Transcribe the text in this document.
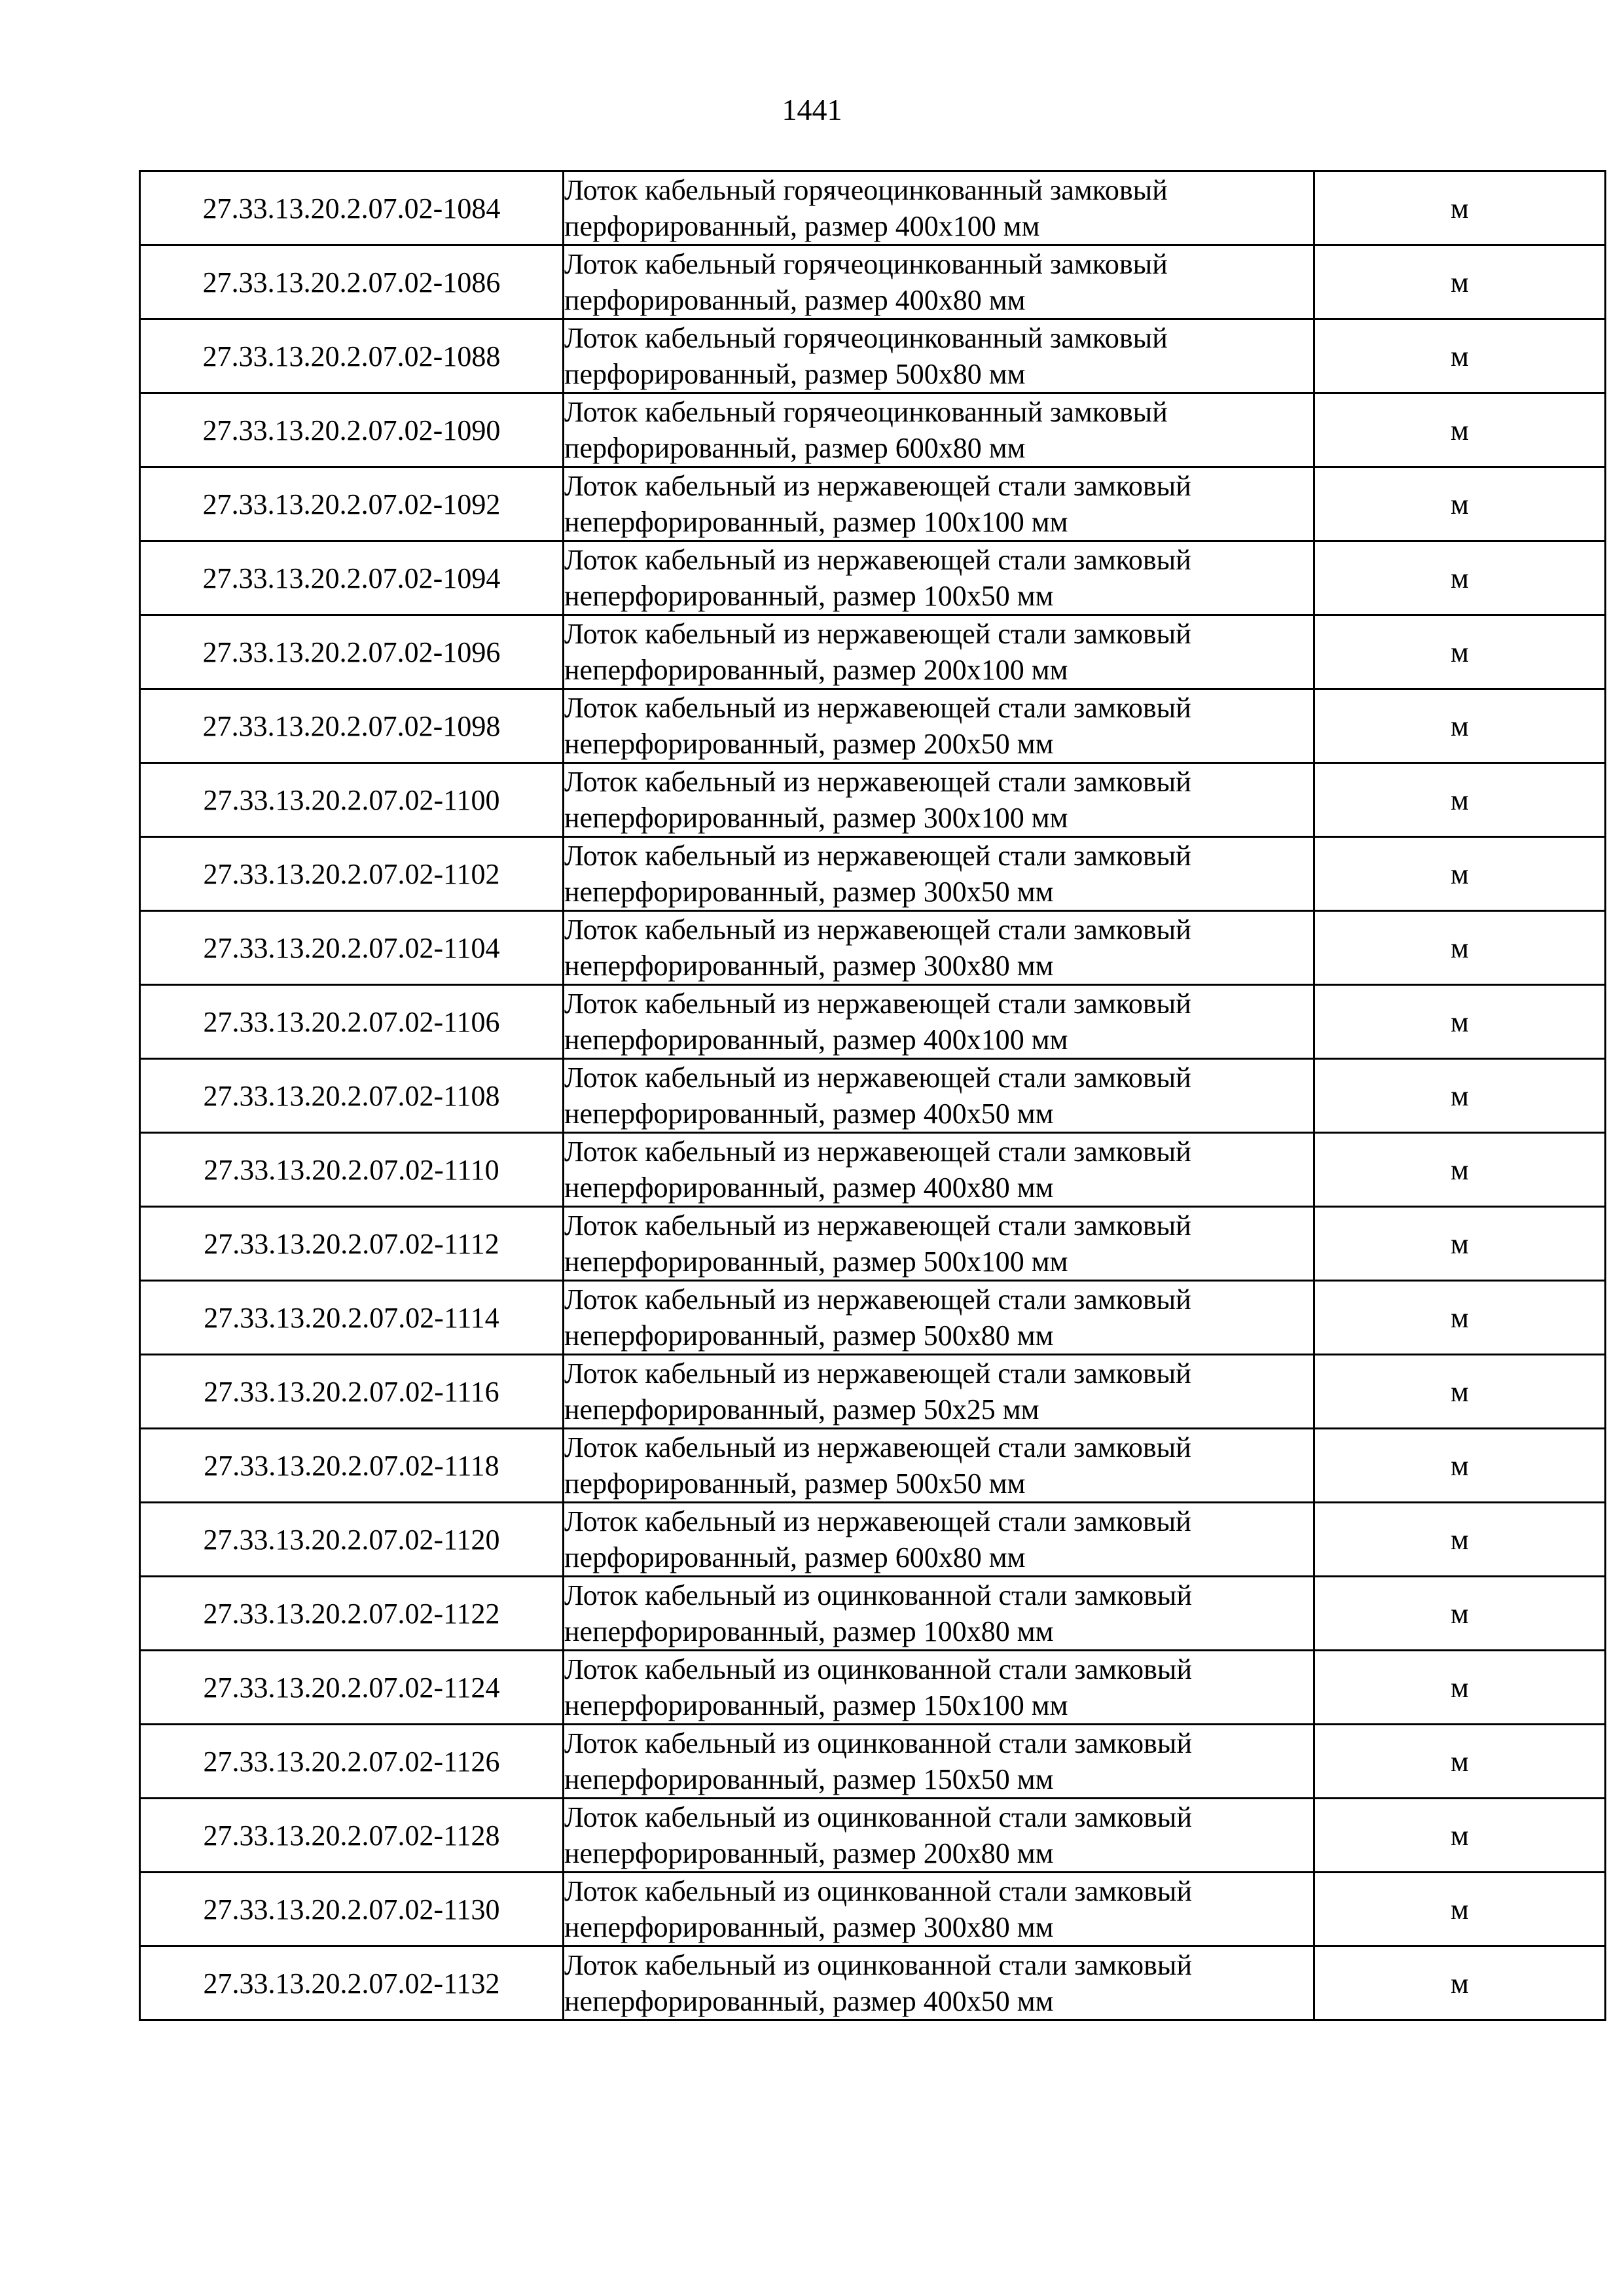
1441
27.33.13.20.2.07.02-1084	Лоток кабельный горячеоцинкованный замковый
перфорированный, размер 400х100 мм	м
27.33.13.20.2.07.02-1086	Лоток кабельный горячеоцинкованный замковый
перфорированный, размер 400х80 мм	м
27.33.13.20.2.07.02-1088	Лоток кабельный горячеоцинкованный замковый
перфорированный, размер 500х80 мм	м
27.33.13.20.2.07.02-1090	Лоток кабельный горячеоцинкованный замковый
перфорированный, размер 600х80 мм	м
27.33.13.20.2.07.02-1092	Лоток кабельный из нержавеющей стали замковый
неперфорированный, размер 100х100 мм	м
27.33.13.20.2.07.02-1094	Лоток кабельный из нержавеющей стали замковый
неперфорированный, размер 100х50 мм	м
27.33.13.20.2.07.02-1096	Лоток кабельный из нержавеющей стали замковый
неперфорированный, размер 200х100 мм	м
27.33.13.20.2.07.02-1098	Лоток кабельный из нержавеющей стали замковый
неперфорированный, размер 200х50 мм	м
27.33.13.20.2.07.02-1100	Лоток кабельный из нержавеющей стали замковый
неперфорированный, размер 300х100 мм	м
27.33.13.20.2.07.02-1102	Лоток кабельный из нержавеющей стали замковый
неперфорированный, размер 300х50 мм	м
27.33.13.20.2.07.02-1104	Лоток кабельный из нержавеющей стали замковый
неперфорированный, размер 300х80 мм	м
27.33.13.20.2.07.02-1106	Лоток кабельный из нержавеющей стали замковый
неперфорированный, размер 400х100 мм	м
27.33.13.20.2.07.02-1108	Лоток кабельный из нержавеющей стали замковый
неперфорированный, размер 400х50 мм	м
27.33.13.20.2.07.02-1110	Лоток кабельный из нержавеющей стали замковый
неперфорированный, размер 400х80 мм	м
27.33.13.20.2.07.02-1112	Лоток кабельный из нержавеющей стали замковый
неперфорированный, размер 500х100 мм	м
27.33.13.20.2.07.02-1114	Лоток кабельный из нержавеющей стали замковый
неперфорированный, размер 500х80 мм	м
27.33.13.20.2.07.02-1116	Лоток кабельный из нержавеющей стали замковый
неперфорированный, размер 50х25 мм	м
27.33.13.20.2.07.02-1118	Лоток кабельный из нержавеющей стали замковый
перфорированный, размер 500х50 мм	м
27.33.13.20.2.07.02-1120	Лоток кабельный из нержавеющей стали замковый
перфорированный, размер 600х80 мм	м
27.33.13.20.2.07.02-1122	Лоток кабельный из оцинкованной стали замковый
неперфорированный, размер 100х80 мм	м
27.33.13.20.2.07.02-1124	Лоток кабельный из оцинкованной стали замковый
неперфорированный, размер 150х100 мм	м
27.33.13.20.2.07.02-1126	Лоток кабельный из оцинкованной стали замковый
неперфорированный, размер 150х50 мм	м
27.33.13.20.2.07.02-1128	Лоток кабельный из оцинкованной стали замковый
неперфорированный, размер 200х80 мм	м
27.33.13.20.2.07.02-1130	Лоток кабельный из оцинкованной стали замковый
неперфорированный, размер 300х80 мм	м
27.33.13.20.2.07.02-1132	Лоток кабельный из оцинкованной стали замковый
неперфорированный, размер 400х50 мм	м
